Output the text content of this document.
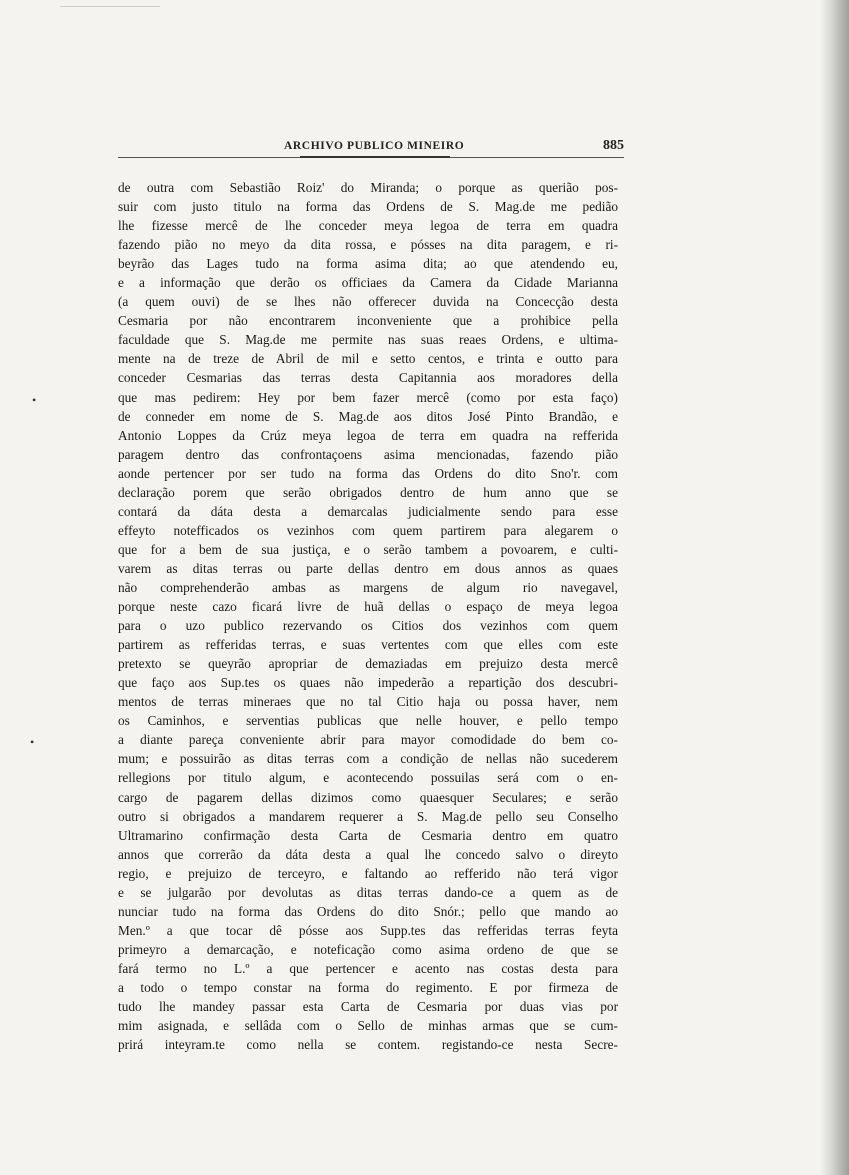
ARCHIVO PUBLICO MINEIRO	885
•
•
de outra com Sebastião Roiz' do Miranda; o porque as querião pos-
suir com justo titulo na forma das Ordens de S. Mag.de me pedião
lhe fizesse mercê de lhe conceder meya legoa de terra em quadra
fazendo pião no meyo da dita rossa, e pósses na dita paragem, e ri-
beyrão das Lages tudo na forma asima dita; ao que atendendo eu,
e a informação que derão os officiaes da Camera da Cidade Marianna
(a quem ouvi) de se lhes não offerecer duvida na Concecção desta
Cesmaria por não encontrarem inconveniente que a prohibice pella
faculdade que S. Mag.de me permite nas suas reaes Ordens, e ultima-
mente na de treze de Abril de mil e setto centos, e trinta e outto para
conceder Cesmarias das terras desta Capitannia aos moradores della
que mas pedirem: Hey por bem fazer mercê (como por esta faço)
de conneder em nome de S. Mag.de aos ditos José Pinto Brandão, e
Antonio Loppes da Crúz meya legoa de terra em quadra na refferida
paragem dentro das confrontaçoens asima mencionadas, fazendo pião
aonde pertencer por ser tudo na forma das Ordens do dito Sno'r. com
declaração porem que serão obrigados dentro de hum anno que se
contará da dáta desta a demarcalas judicialmente sendo para esse
effeyto notefficados os vezinhos com quem partirem para alegarem o
que for a bem de sua justiça, e o serão tambem a povoarem, e culti-
varem as ditas terras ou parte dellas dentro em dous annos as quaes
não comprehenderão ambas as margens de algum rio navegavel,
porque neste cazo ficará livre de huã dellas o espaço de meya legoa
para o uzo publico rezervando os Citios dos vezinhos com quem
partirem as refferidas terras, e suas vertentes com que elles com este
pretexto se queyrão apropriar de demaziadas em prejuizo desta mercê
que faço aos Sup.tes os quaes não impederão a repartição dos descubri-
mentos de terras mineraes que no tal Citio haja ou possa haver, nem
os Caminhos, e serventias publicas que nelle houver, e pello tempo
a diante pareça conveniente abrir para mayor comodidade do bem co-
mum; e possuirão as ditas terras com a condição de nellas não sucederem
rellegions por titulo algum, e acontecendo possuilas será com o en-
cargo de pagarem dellas dizimos como quaesquer Seculares; e serão
outro si obrigados a mandarem requerer a S. Mag.de pello seu Conselho
Ultramarino confirmação desta Carta de Cesmaria dentro em quatro
annos que correrão da dáta desta a qual lhe concedo salvo o direyto
regio, e prejuizo de terceyro, e faltando ao refferido não terá vigor
e se julgarão por devolutas as ditas terras dando-ce a quem as de
nunciar tudo na forma das Ordens do dito Snór.; pello que mando ao
Men.º a que tocar dê pósse aos Supp.tes das refferidas terras feyta
primeyro a demarcação, e noteficação como asima ordeno de que se
fará termo no L.º a que pertencer e acento nas costas desta para
a todo o tempo constar na forma do regimento. E por firmeza de
tudo lhe mandey passar esta Carta de Cesmaria por duas vias por
mim asignada, e sellâda com o Sello de minhas armas que se cum-
prirá inteyram.te como nella se contem. registando-ce nesta Secre-
